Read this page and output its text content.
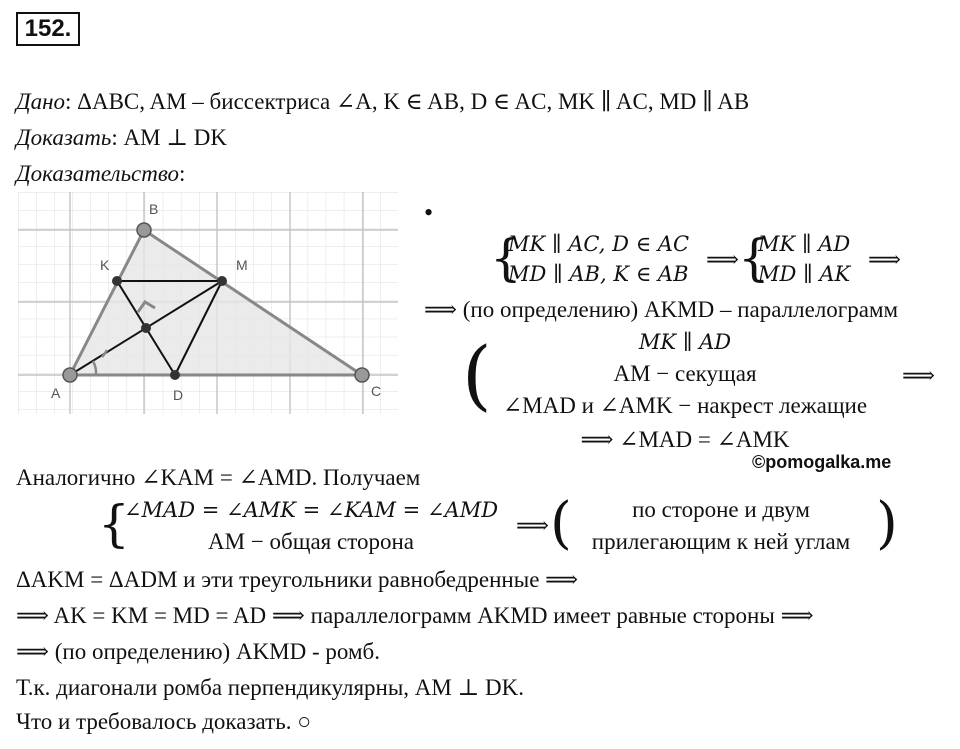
152.
Дано: ΔABC, AM – биссектриса ∠A, K ∈ AB, D ∈ AC, MK ∥ AC, MD ∥ AB
Доказать: AM ⊥ DK
Доказательство:
A
B
C
K	M
D
•
{
MK ∥ AC, D ∈ AC
MD ∥ AB, K ∈ AB
⟹ {
MK ∥ AD
MD ∥ AK
⟹
⟹ (по определению) AKMD – параллелограмм
(	MK ∥ AD
AM − секущая
∠MAD и ∠AMK − накрест лежащие
⟹
⟹ ∠MAD = ∠AMK
©pomogalka.me
Аналогично ∠KAM = ∠AMD. Получаем
{
∠MAD = ∠AMK = ∠KAM = ∠AMD
AM − общая сторона
⟹ (	по стороне и двум
прилегающим к ней углам )
ΔAKM = ΔADM и эти треугольники равнобедренные ⟹
⟹ AK = KM = MD = AD ⟹ параллелограмм AKMD имеет равные стороны ⟹
⟹ (по определению) AKMD - ромб.
Т.к. диагонали ромба перпендикулярны, AM ⊥ DK.
Что и требовалось доказать. ○
